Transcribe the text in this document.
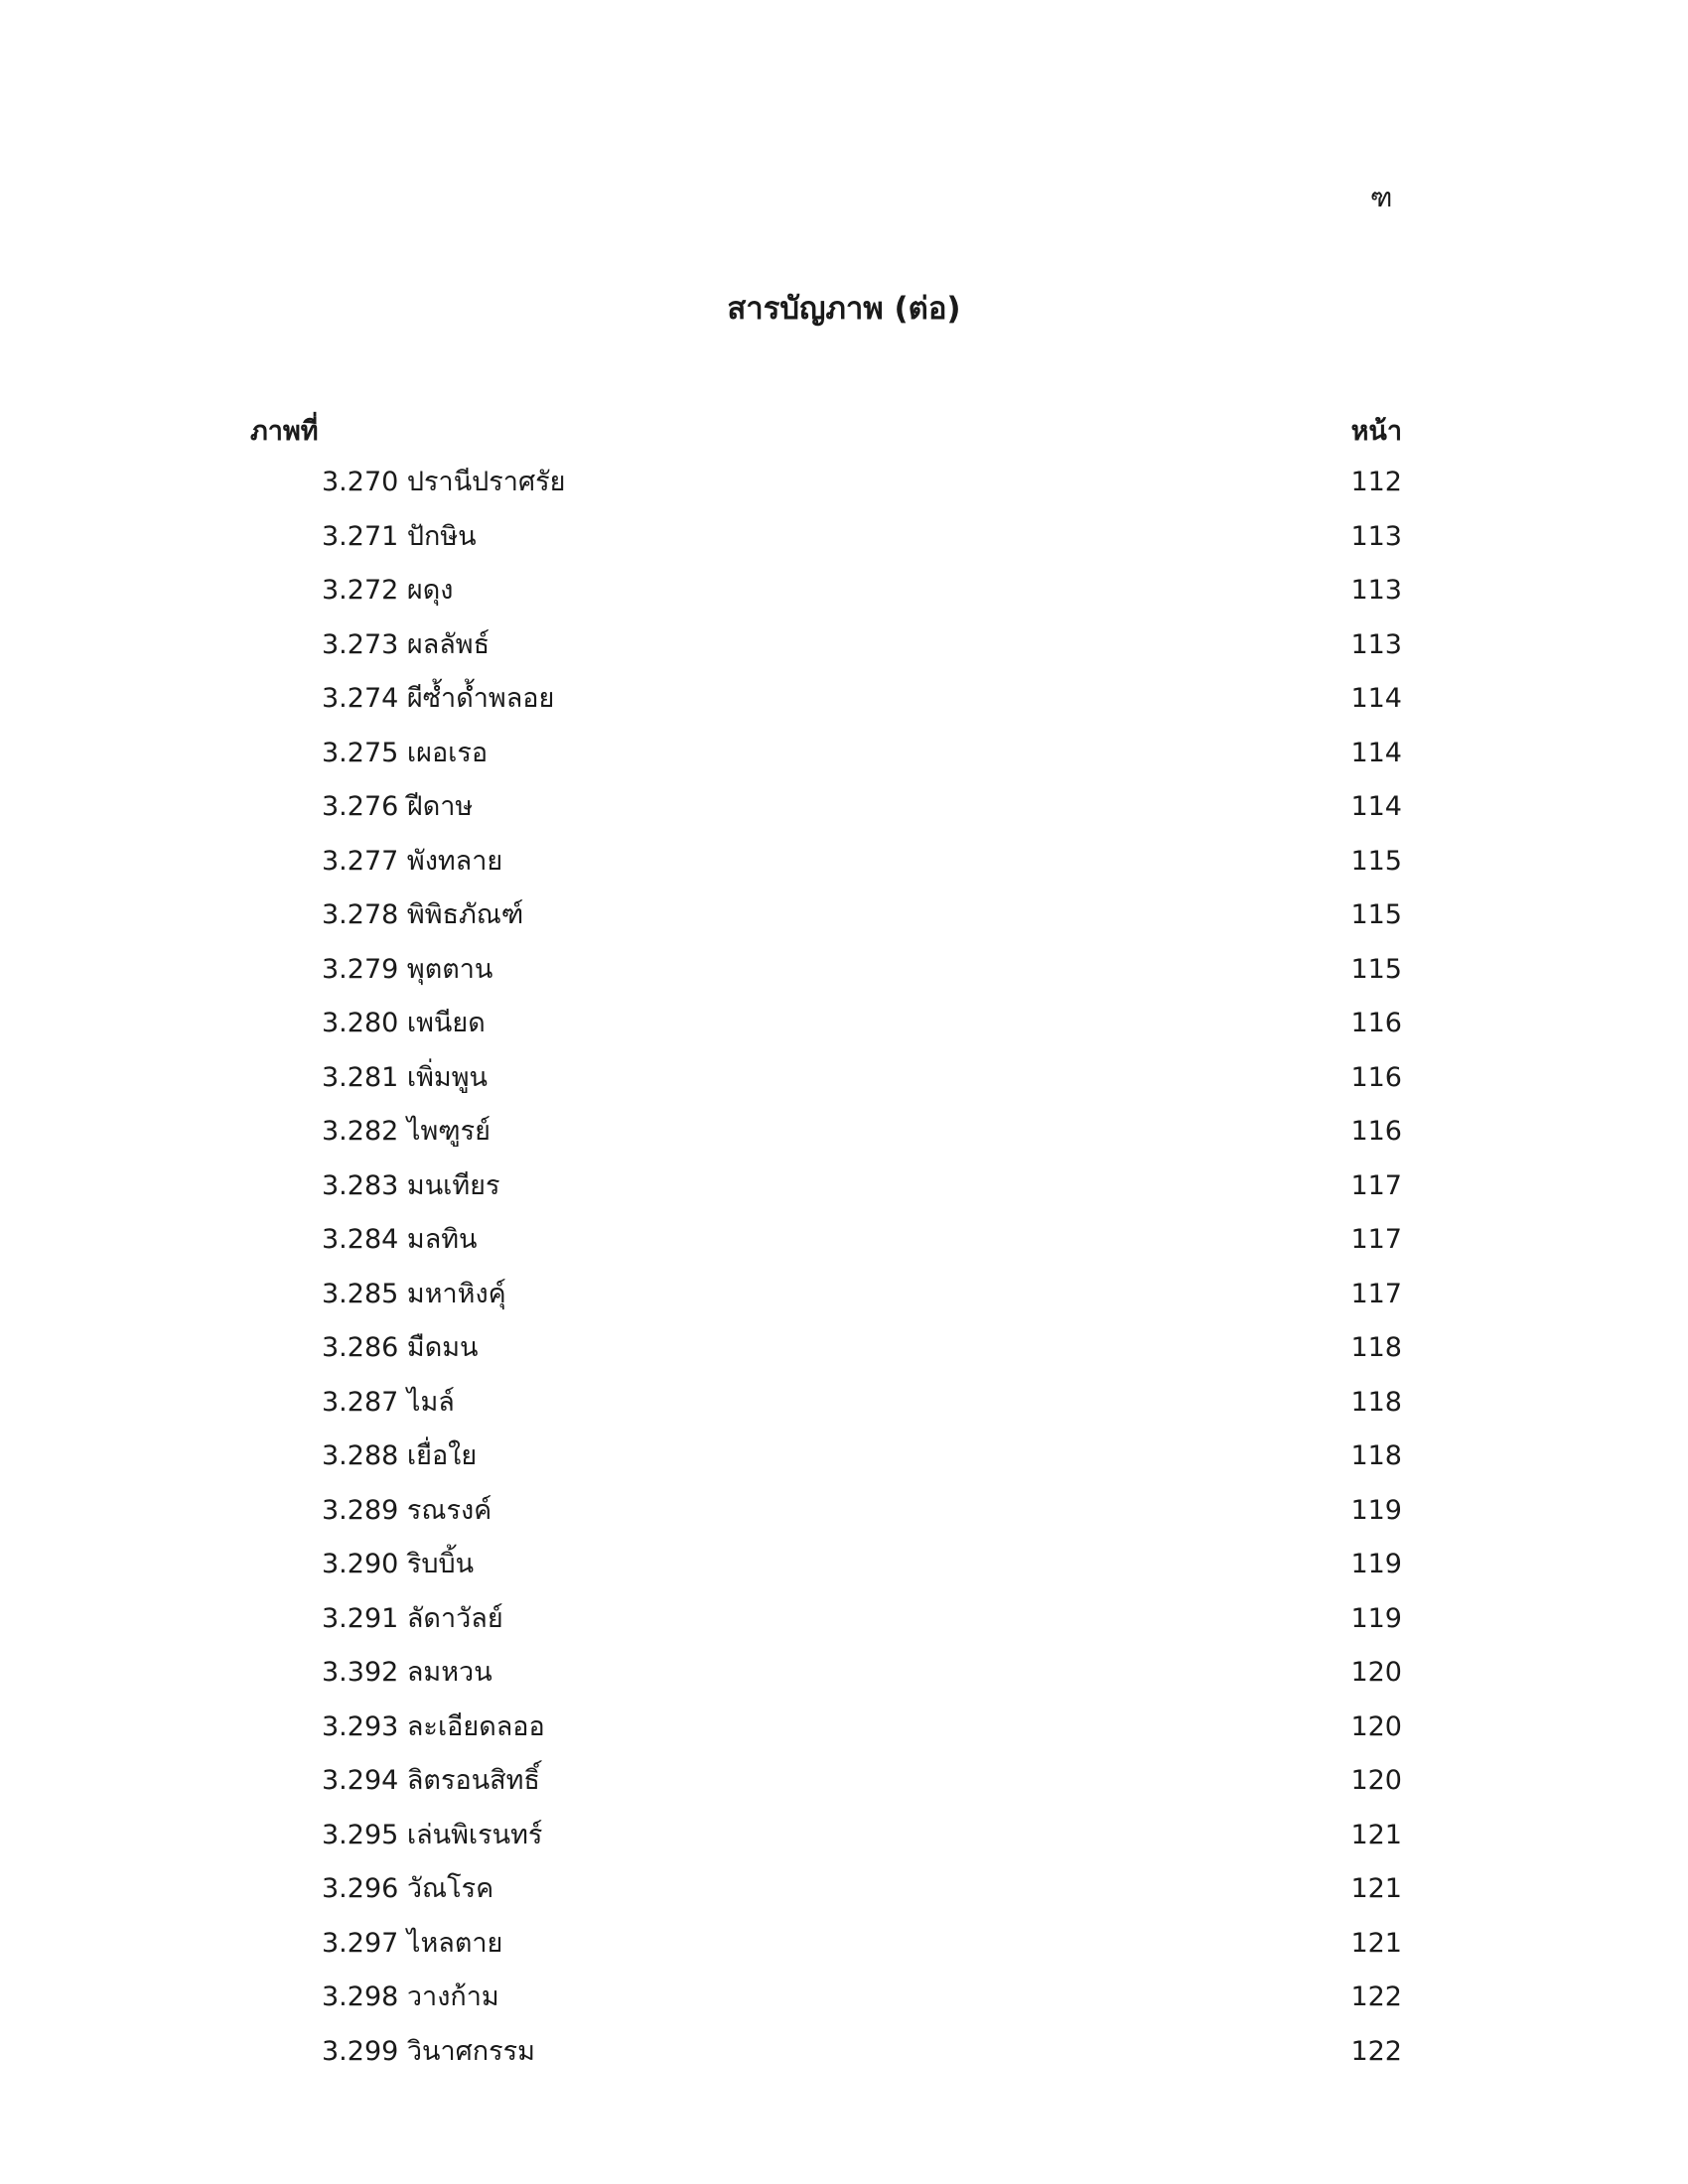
ฑ
สารบัญภาพ (ต่อ)
ภาพที่	หน้า
3.270 ปรานีปราศรัย	112
3.271 ปักษิน	113
3.272 ผดุง	113
3.273 ผลลัพธ์	113
3.274 ผีซ้ำด้ำพลอย	114
3.275 เผอเรอ	114
3.276 ฝีดาษ	114
3.277 พังทลาย	115
3.278 พิพิธภัณฑ์	115
3.279 พุตตาน	115
3.280 เพนียด	116
3.281 เพิ่มพูน	116
3.282 ไพฑูรย์	116
3.283 มนเทียร	117
3.284 มลทิน	117
3.285 มหาหิงคุ์	117
3.286 มืดมน	118
3.287 ไมล์	118
3.288 เยื่อใย	118
3.289 รณรงค์	119
3.290 ริบบิ้น	119
3.291 ลัดาวัลย์	119
3.392 ลมหวน	120
3.293 ละเอียดลออ	120
3.294 ลิตรอนสิทธิ์	120
3.295 เล่นพิเรนทร์	121
3.296 วัณโรค	121
3.297 ไหลตาย	121
3.298 วางก้าม	122
3.299 วินาศกรรม	122
